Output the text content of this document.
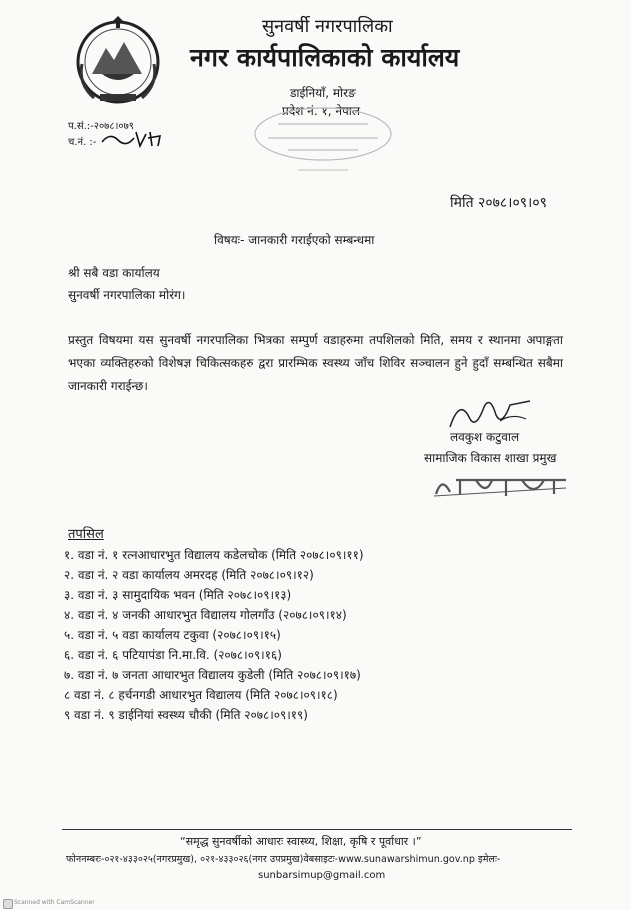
सुनवर्षी नगरपालिका
नगर कार्यपालिकाको कार्यालय
डाईनियाँ, मोरङ
प्रदेश नं. १, नेपाल
प.सं.:-२०७८।०७९
च.नं. :-
मिति २०७८।०९।०९
विषयः- जानकारी गराईएको सम्बन्धमा
श्री सबै वडा कार्यालय
सुनवर्षी नगरपालिका मोरंग।
प्रस्तुत विषयमा यस सुनवर्षी नगरपालिका भित्रका सम्पुर्ण वडाहरुमा तपशिलको मिति, समय र स्थानमा अपाङ्गता भएका व्यक्तिहरुको विशेषज्ञ चिकित्सकहरु द्वरा प्रारम्भिक स्वस्थ्य जाँच शिविर सञ्चालन हुने हुदाँ सम्बन्धित सबैमा जानकारी गराईन्छ।
लवकुश कटुवाल
सामाजिक विकास शाखा प्रमुख
तपसिल
१. वडा नं. १ रत्नआधारभुत विद्यालय कडेलचोक (मिति २०७८।०९।११)
२. वडा नं. २ वडा कार्यालय अमरदह (मिति २०७८।०९।१२)
३. वडा नं. ३ सामुदायिक भवन (मिति २०७८।०९।१३)
४. वडा नं. ४ जनकी आधारभुत विद्यालय गोलगाँउ (२०७८।०९।१४)
५. वडा नं. ५ वडा कार्यालय टकुवा (२०७८।०९।१५)
६. वडा नं. ६ पटियापंडा नि.मा.वि. (२०७८।०९।१६)
७. वडा नं. ७ जनता आधारभुत विद्यालय कुडेली (मिति २०७८।०९।१७)
८ वडा नं. ८ हर्चनगडी आधारभुत विद्यालय (मिति २०७८।०९।१८)
९ वडा नं. ९ डाईनियां स्वस्थ्य चौकी (मिति २०७८।०९।१९)
“समृद्ध सुनवर्षीको आधारः स्वास्थ्य, शिक्षा, कृषि र पूर्वाधार ।”
फोननम्बरः-०२१-४३३०२५(नगरप्रमुख), ०२१-४३३०२६(नगर उपप्रमुख)वेबसाइटः-www.sunawarshimun.gov.np इमेलः-
sunbarsimup@gmail.com
Scanned with CamScanner
